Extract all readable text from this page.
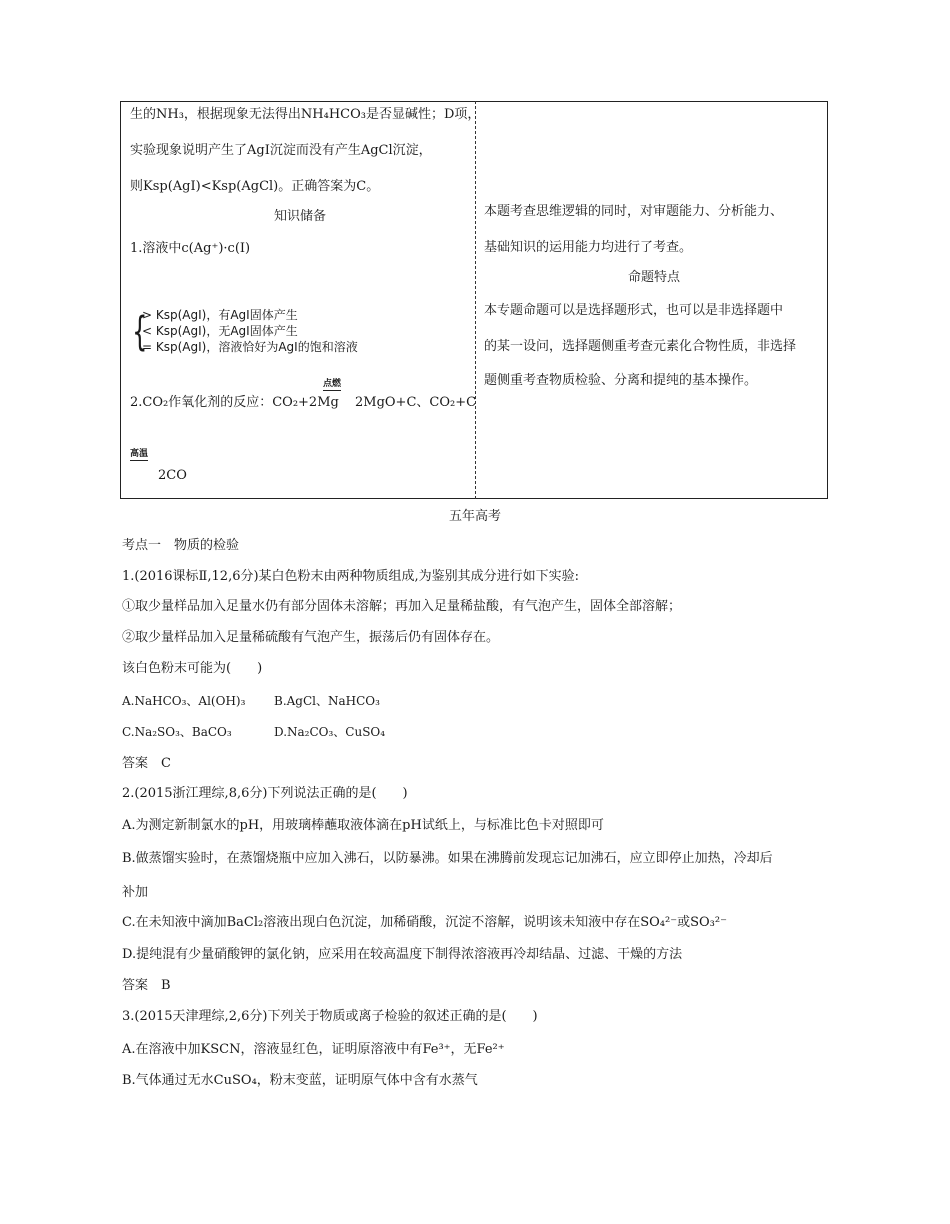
生的NH₃，根据现象无法得出NH₄HCO₃是否显碱性；D项，
实验现象说明产生了AgI沉淀而没有产生AgCl沉淀，
则Ksp(AgI)<Ksp(AgCl)。正确答案为C。
知识储备
1.溶液中c(Ag⁺)·c(I)
{
> Ksp(AgI)，有AgI固体产生
< Ksp(AgI)，无AgI固体产生
= Ksp(AgI)，溶液恰好为AgI的饱和溶液
点燃
2.CO₂作氧化剂的反应：CO₂+2Mg 2MgO+C、CO₂+C
高温
2CO
本题考查思维逻辑的同时，对审题能力、分析能力、
基础知识的运用能力均进行了考查。
命题特点
本专题命题可以是选择题形式，也可以是非选择题中
的某一设问，选择题侧重考查元素化合物性质，非选择
题侧重考查物质检验、分离和提纯的基本操作。
五年高考
考点一　物质的检验
1.(2016课标Ⅱ,12,6分)某白色粉末由两种物质组成,为鉴别其成分进行如下实验:
①取少量样品加入足量水仍有部分固体未溶解；再加入足量稀盐酸，有气泡产生，固体全部溶解；
②取少量样品加入足量稀硫酸有气泡产生，振荡后仍有固体存在。
该白色粉末可能为(　　)
A.NaHCO₃、Al(OH)₃ B.AgCl、NaHCO₃
C.Na₂SO₃、BaCO₃	D.Na₂CO₃、CuSO₄
答案　C
2.(2015浙江理综,8,6分)下列说法正确的是(　　)
A.为测定新制氯水的pH，用玻璃棒蘸取液体滴在pH试纸上，与标准比色卡对照即可
B.做蒸馏实验时，在蒸馏烧瓶中应加入沸石，以防暴沸。如果在沸腾前发现忘记加沸石，应立即停止加热，冷却后
补加
C.在未知液中滴加BaCl₂溶液出现白色沉淀，加稀硝酸，沉淀不溶解，说明该未知液中存在SO₄²⁻或SO₃²⁻
D.提纯混有少量硝酸钾的氯化钠，应采用在较高温度下制得浓溶液再冷却结晶、过滤、干燥的方法
答案　B
3.(2015天津理综,2,6分)下列关于物质或离子检验的叙述正确的是(　　)
A.在溶液中加KSCN，溶液显红色，证明原溶液中有Fe³⁺，无Fe²⁺
B.气体通过无水CuSO₄，粉末变蓝，证明原气体中含有水蒸气
